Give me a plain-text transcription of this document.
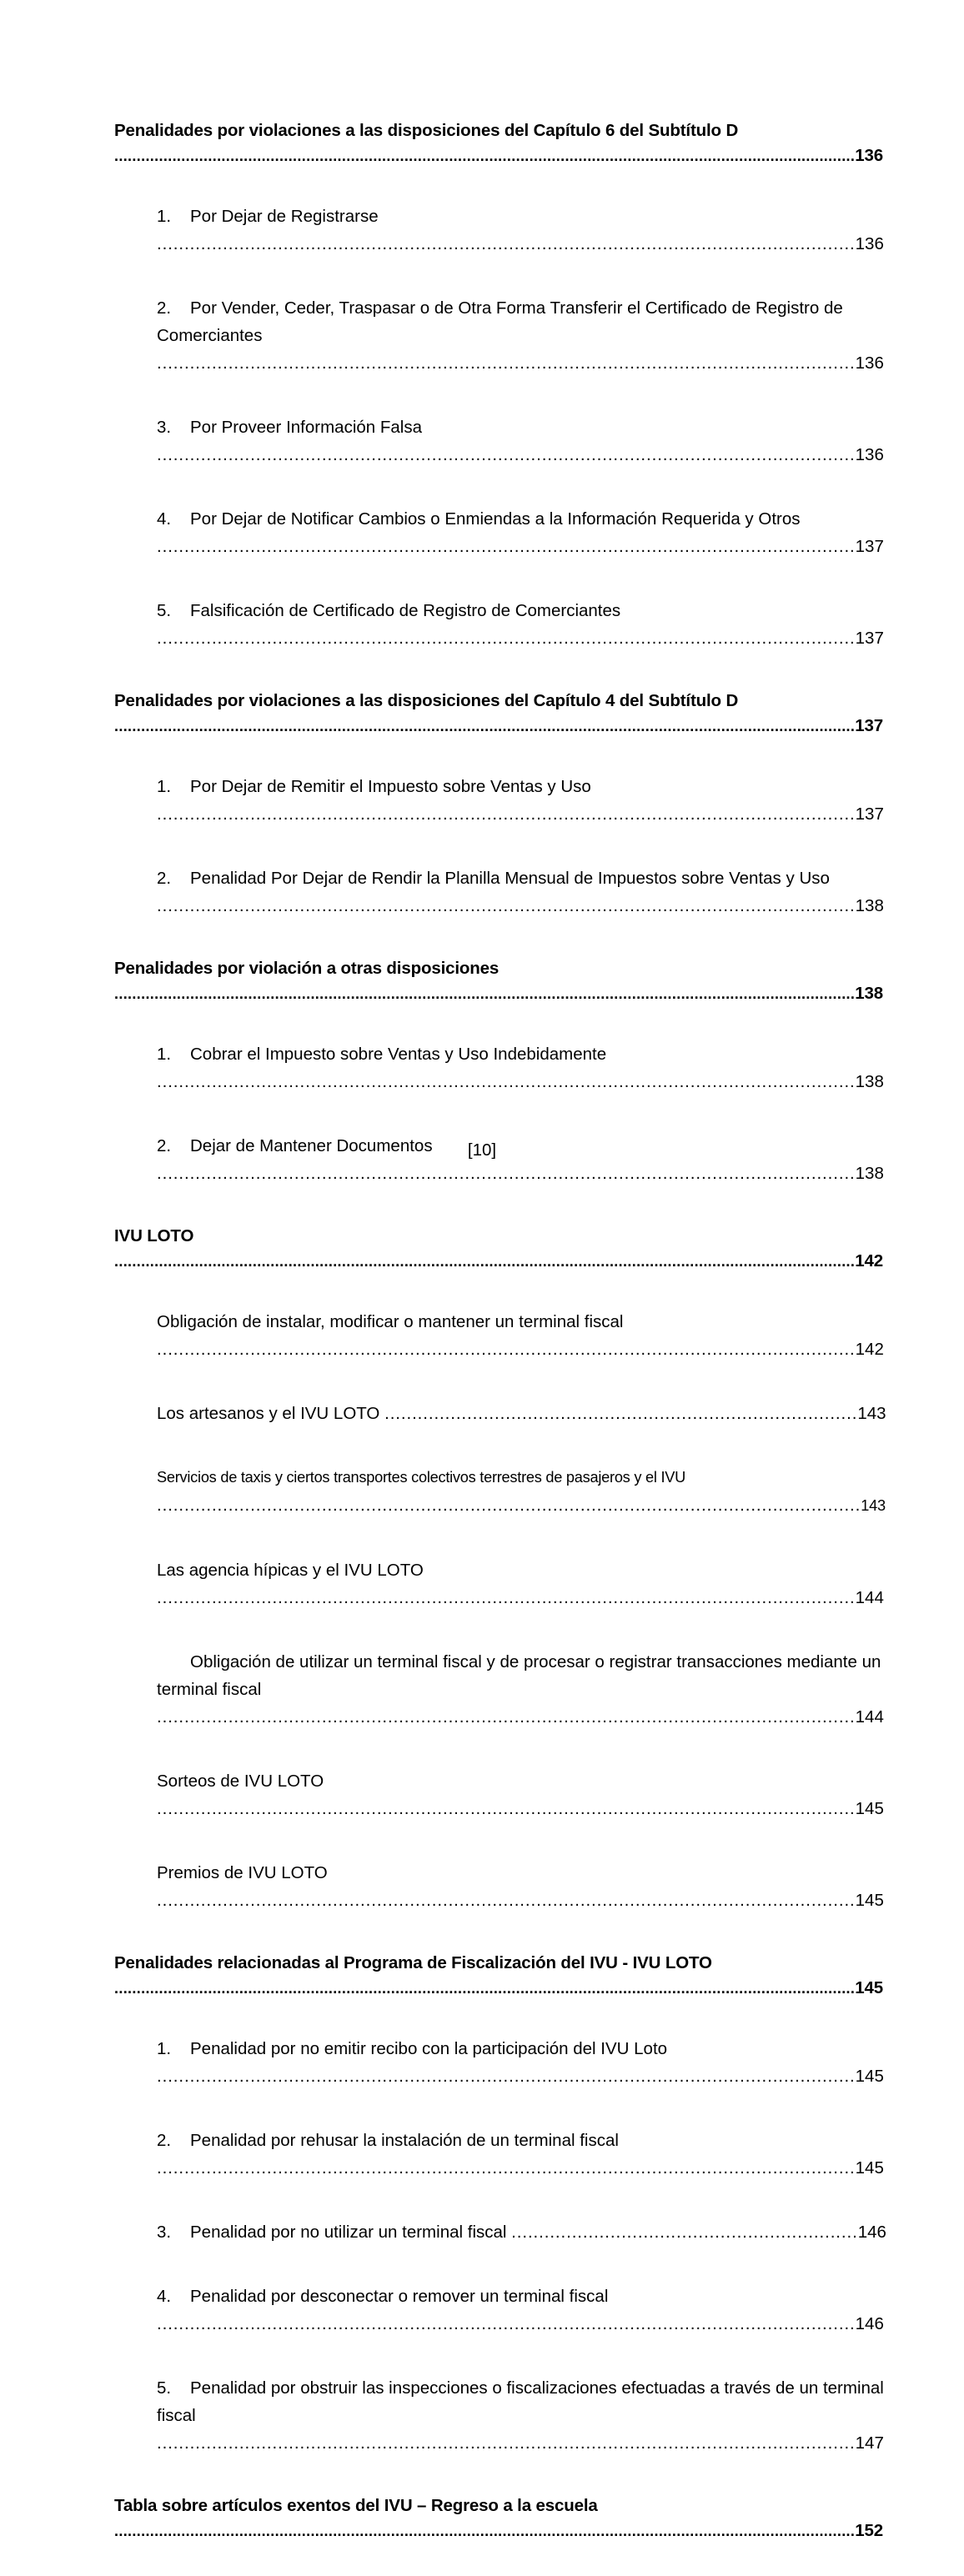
Penalidades por violaciones a las disposiciones del Capítulo 6 del Subtítulo D ......................................................................................................................................................................136
1.	Por Dejar de Registrarse ...............................................................................................................................136
2.	Por Vender, Ceder, Traspasar o de Otra Forma Transferir el Certificado de Registro de Comerciantes ...............................................................................................................................136
3.	Por Proveer Información Falsa ...............................................................................................................................136
4.	Por Dejar de Notificar Cambios o Enmiendas a la Información Requerida y Otros ...............................................................................................................................137
5.	Falsificación de Certificado de Registro de Comerciantes ...............................................................................................................................137
Penalidades por violaciones a las disposiciones del Capítulo 4 del Subtítulo D ......................................................................................................................................................................137
1.	Por Dejar de Remitir el Impuesto sobre Ventas y Uso ...............................................................................................................................137
2.	Penalidad Por Dejar de Rendir la Planilla Mensual de Impuestos sobre Ventas y Uso ...............................................................................................................................138
Penalidades por violación a otras disposiciones ......................................................................................................................................................................138
1.	Cobrar el Impuesto sobre Ventas y Uso Indebidamente ...............................................................................................................................138
2.	Dejar de Mantener Documentos ...............................................................................................................................138
IVU LOTO ......................................................................................................................................................................142
Obligación de instalar, modificar o mantener un terminal fiscal ...............................................................................................................................142
Los artesanos y el IVU LOTO ......................................................................................143
Servicios de taxis y ciertos transportes colectivos terrestres de pasajeros y el IVU ................................................................................................................................143
Las agencia hípicas y el IVU LOTO ...............................................................................................................................144
Obligación de utilizar un terminal fiscal y de procesar o registrar transacciones mediante un terminal fiscal ...............................................................................................................................144
Sorteos de IVU LOTO ...............................................................................................................................145
Premios de IVU LOTO ...............................................................................................................................145
Penalidades relacionadas al Programa de Fiscalización del IVU - IVU LOTO ......................................................................................................................................................................145
1.	Penalidad por no emitir recibo con la participación del IVU Loto ...............................................................................................................................145
2.	Penalidad por rehusar la instalación de un terminal fiscal ...............................................................................................................................145
3.	Penalidad por no utilizar un terminal fiscal ...............................................................146
4.	Penalidad por desconectar o remover un terminal fiscal ...............................................................................................................................146
5.	Penalidad por obstruir las inspecciones o fiscalizaciones efectuadas a través de un terminal fiscal ...............................................................................................................................147
Tabla sobre artículos exentos del IVU – Regreso a la escuela ......................................................................................................................................................................152
[10]
